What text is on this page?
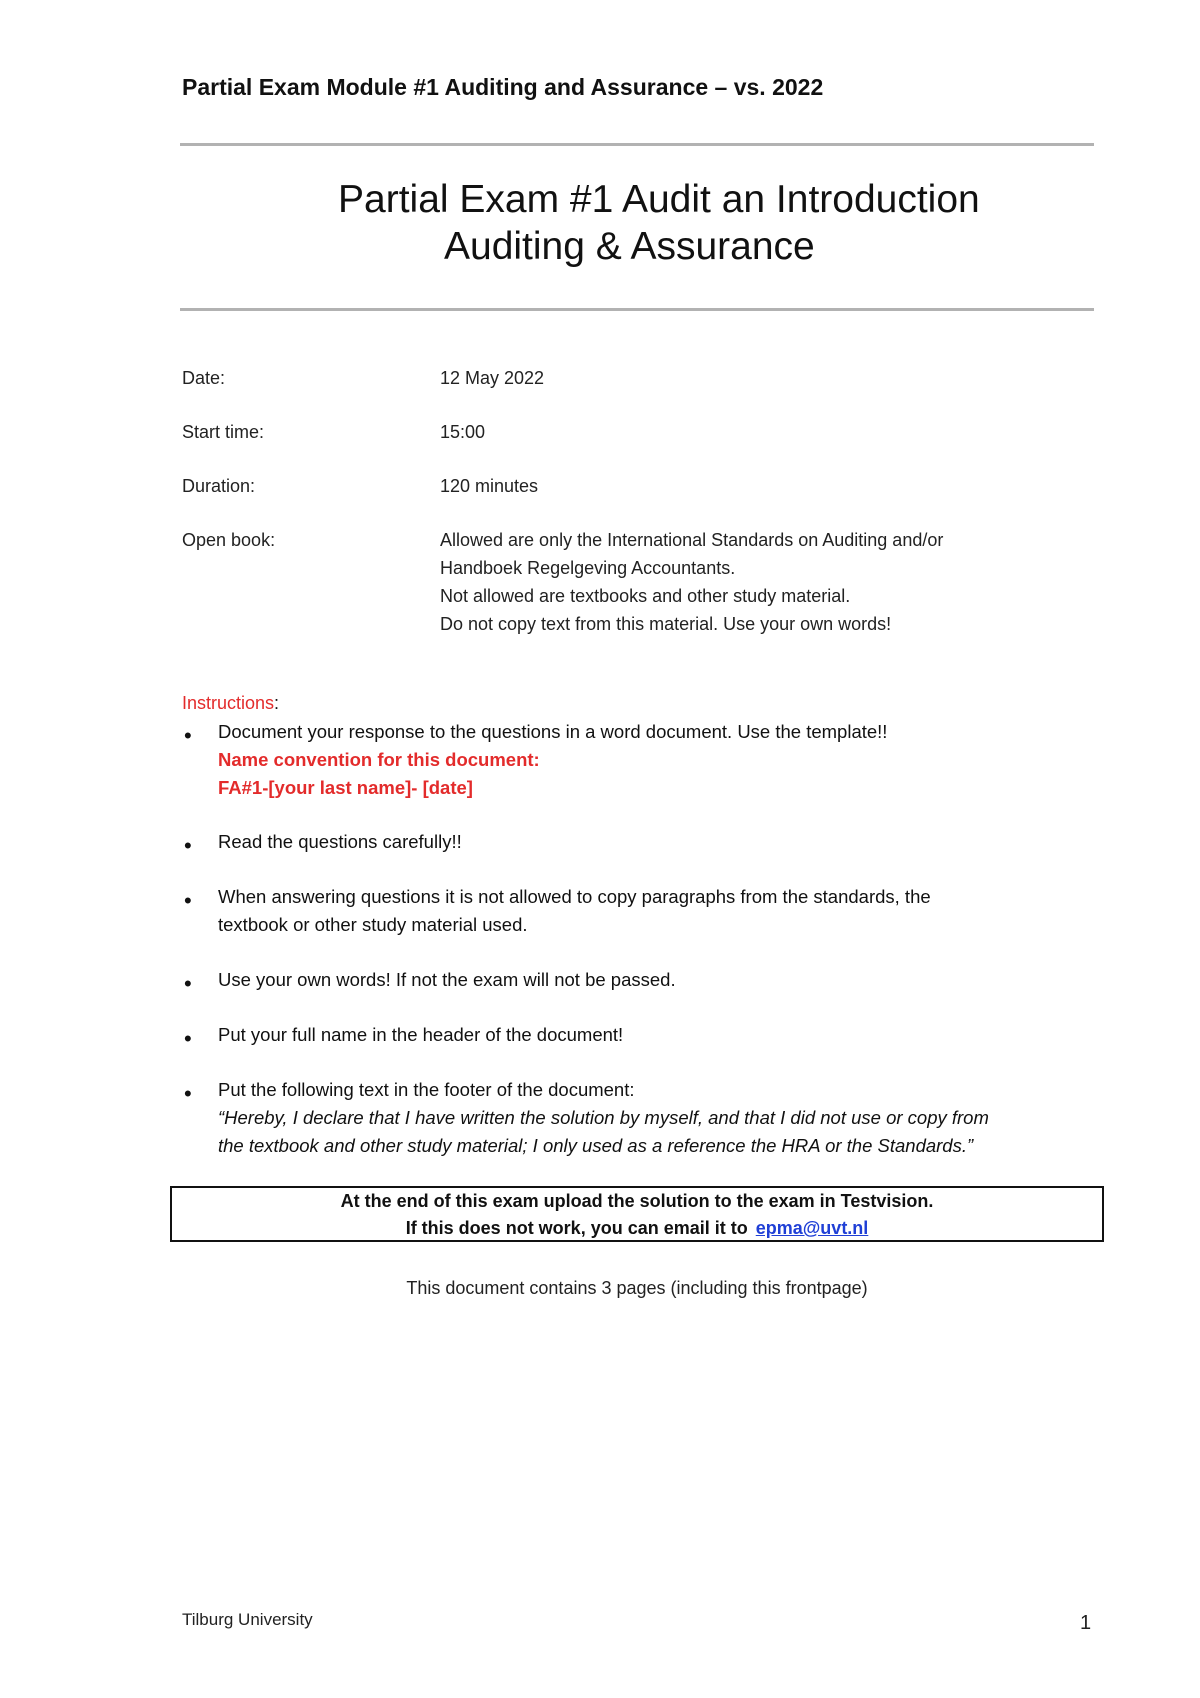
Partial Exam Module #1 Auditing and Assurance – vs. 2022
Partial Exam #1 Audit an Introduction
Auditing & Assurance
Date:	12 May 2022
Start time:	15:00
Duration:	120 minutes
Open book:	Allowed are only the International Standards on Auditing and/or
Handboek Regelgeving Accountants.
Not allowed are textbooks and other study material.
Do not copy text from this material. Use your own words!
Instructions:
• Document your response to the questions in a word document. Use the template!!
Name convention for this document:
FA#1-[your last name]- [date]
• Read the questions carefully!!
• When answering questions it is not allowed to copy paragraphs from the standards, the
textbook or other study material used.
• Use your own words! If not the exam will not be passed.
• Put your full name in the header of the document!
• Put the following text in the footer of the document:
“Hereby, I declare that I have written the solution by myself, and that I did not use or copy from
the textbook and other study material; I only used as a reference the HRA or the Standards.”
At the end of this exam upload the solution to the exam in Testvision.
If this does not work, you can email it to epma@uvt.nl
This document contains 3 pages (including this frontpage)
Tilburg University	1
